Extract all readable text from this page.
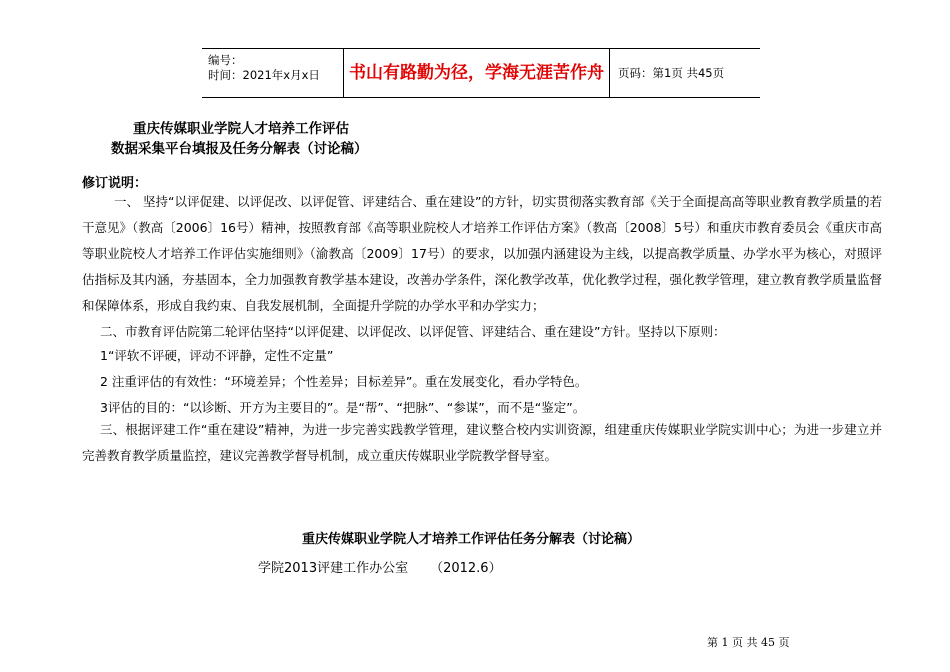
编号：
时间：2021年x月x日	书山有路勤为径，学海无涯苦作舟	页码：第1页 共45页
重庆传媒职业学院人才培养工作评估
数据采集平台填报及任务分解表（讨论稿）
修订说明：
一、 坚持“以评促建、以评促改、以评促管、评建结合、重在建设”的方针，切实贯彻落实教育部《关于全面提高高等职业教育教学质量的若干意见》（教高〔2006〕16号）精神，按照教育部《高等职业院校人才培养工作评估方案》（教高〔2008〕5号）和重庆市教育委员会《重庆市高等职业院校人才培养工作评估实施细则》（渝教高〔2009〕17号）的要求，以加强内涵建设为主线，以提高教学质量、办学水平为核心，对照评估指标及其内涵，夯基固本，全力加强教育教学基本建设，改善办学条件，深化教学改革，优化教学过程，强化教学管理，建立教育教学质量监督和保障体系，形成自我约束、自我发展机制，全面提升学院的办学水平和办学实力；
二、市教育评估院第二轮评估坚持“以评促建、以评促改、以评促管、评建结合、重在建设”方针。坚持以下原则：
1“评软不评硬，评动不评静，定性不定量”
2 注重评估的有效性：“环境差异；个性差异；目标差异”。重在发展变化，看办学特色。
3评估的目的：“以诊断、开方为主要目的”。是“帮”、“把脉”、“参谋”，而不是“鉴定”。
三、根据评建工作“重在建设”精神，为进一步完善实践教学管理，建议整合校内实训资源，组建重庆传媒职业学院实训中心；为进一步建立并完善教育教学质量监控，建议完善教学督导机制，成立重庆传媒职业学院教学督导室。
重庆传媒职业学院人才培养工作评估任务分解表（讨论稿）
学院2013评建工作办公室 （2012.6）
第 1 页 共 45 页
